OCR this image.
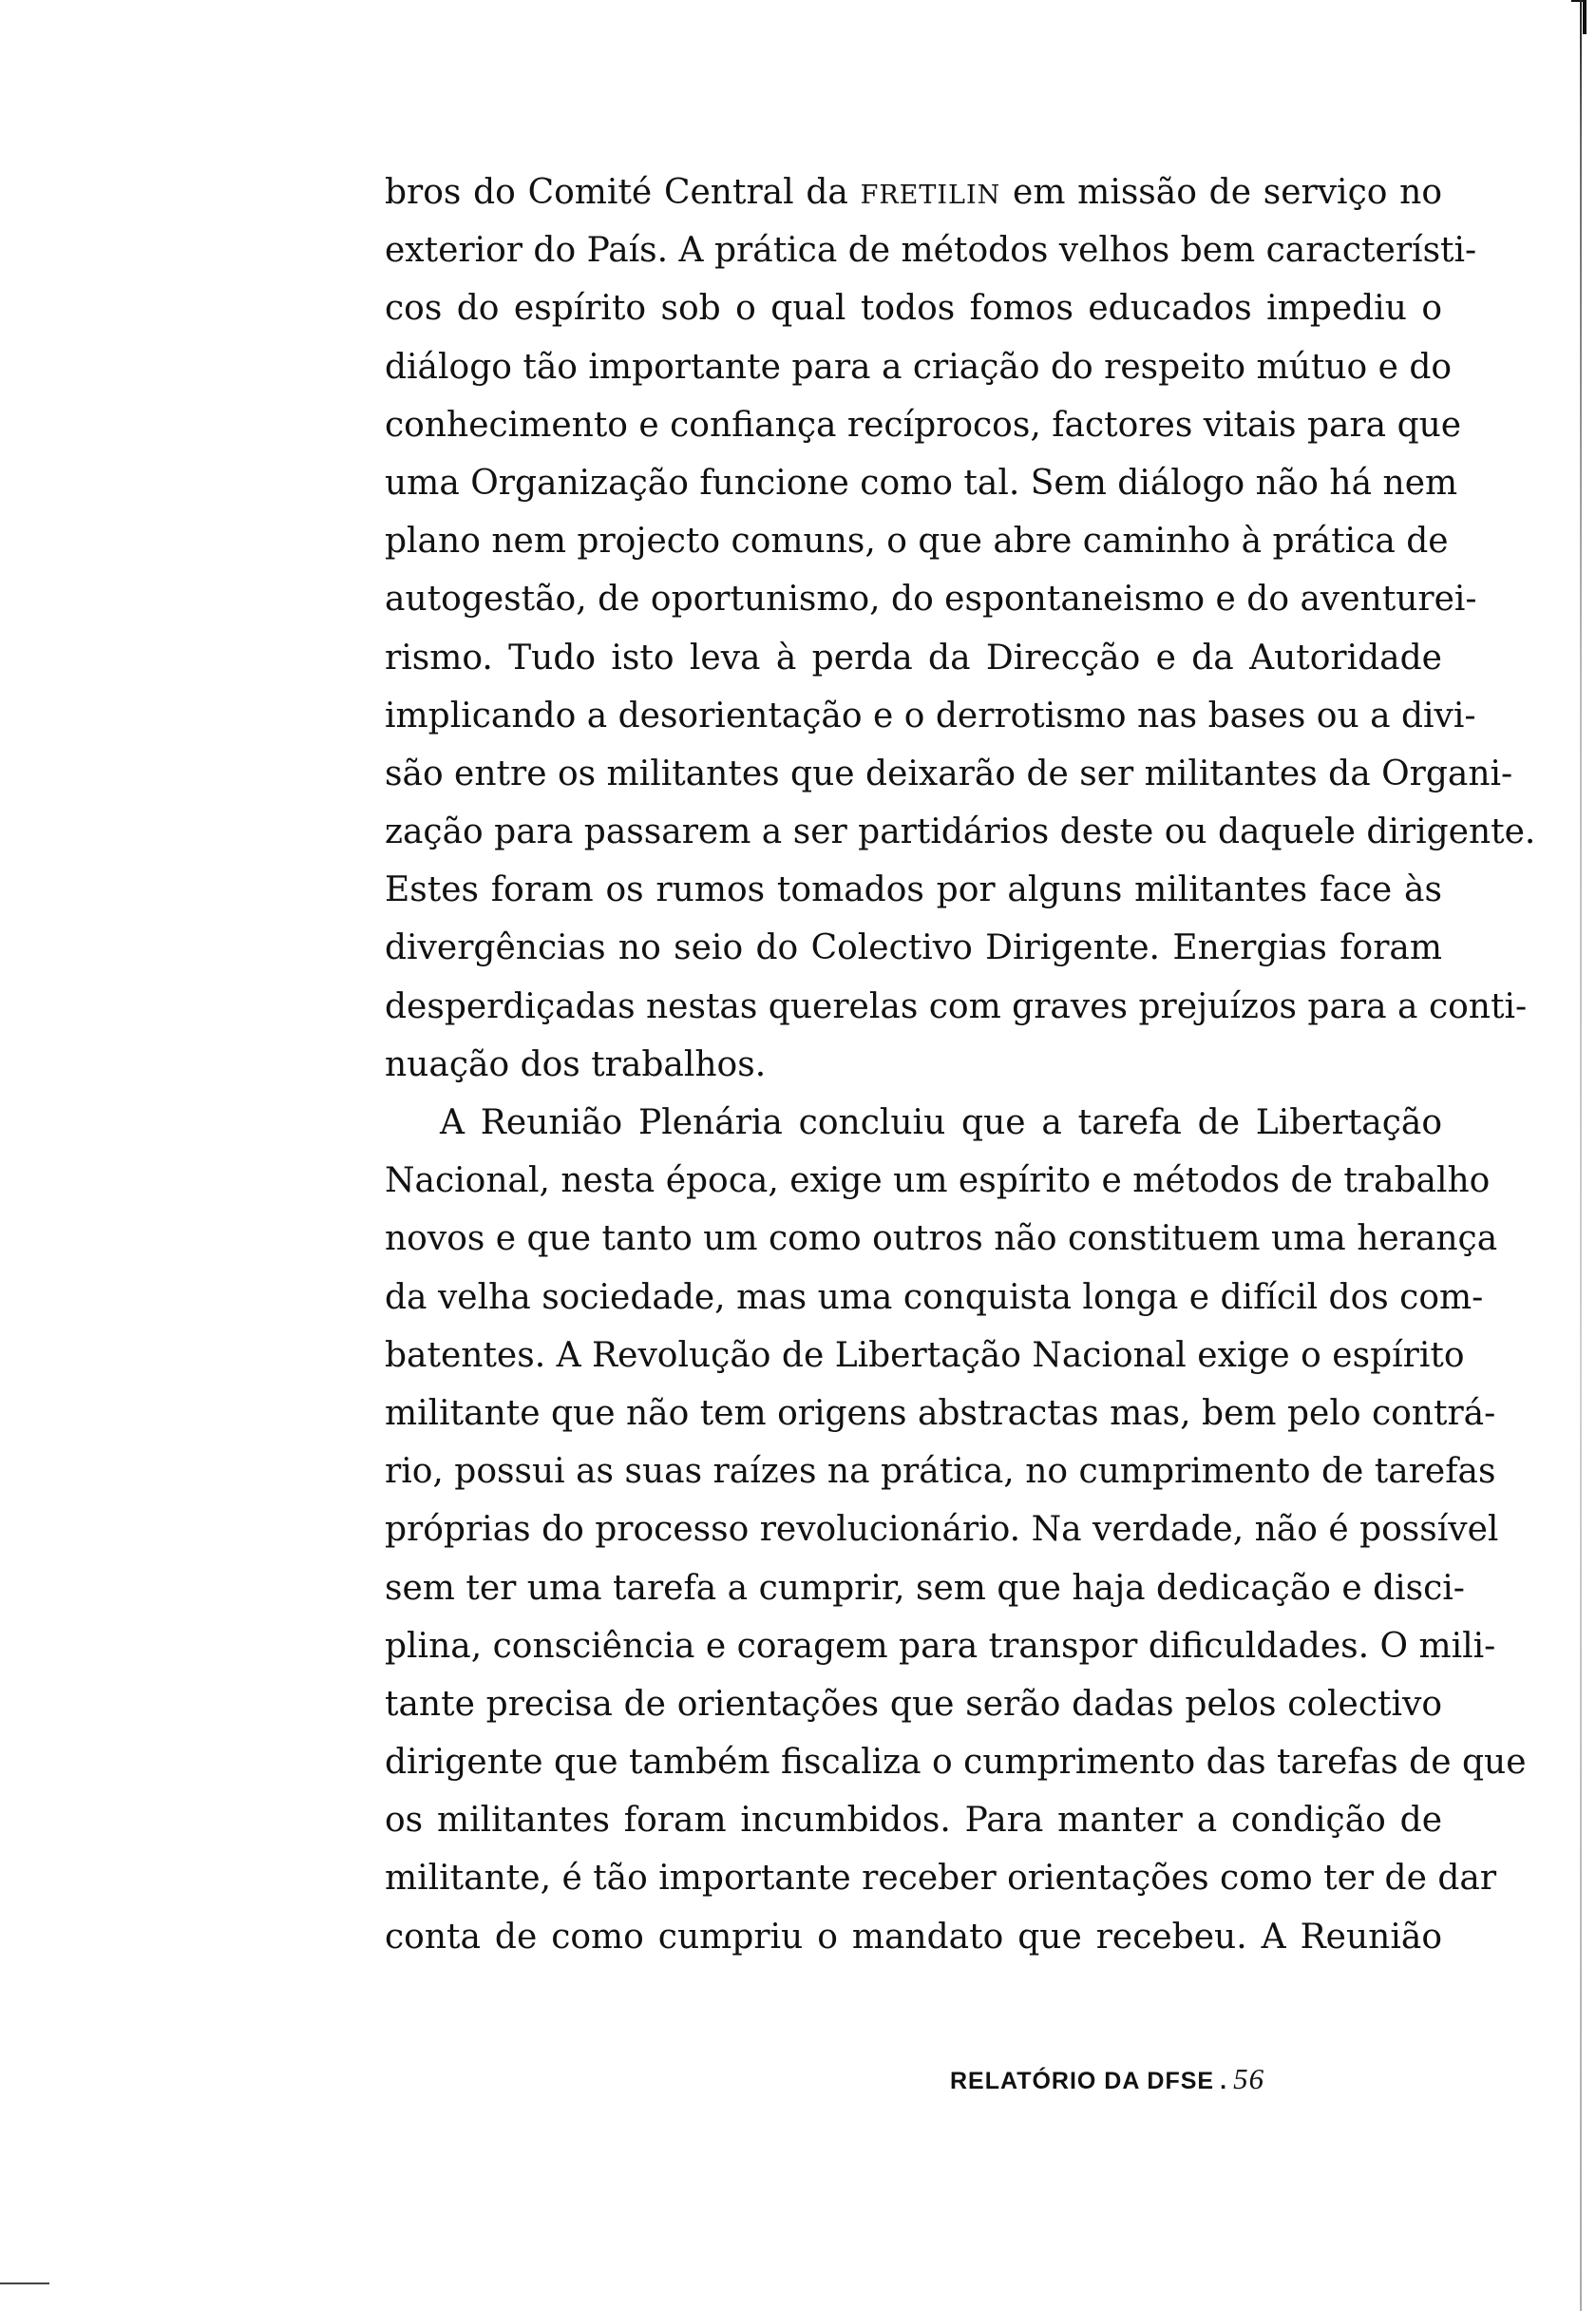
bros do Comité Central da FRETILIN em missão de serviço no
exterior do País. A prática de métodos velhos bem característi-
cos do espírito sob o qual todos fomos educados impediu o
diálogo tão importante para a criação do respeito mútuo e do
conhecimento e confiança recíprocos, factores vitais para que
uma Organização funcione como tal. Sem diálogo não há nem
plano nem projecto comuns, o que abre caminho à prática de
autogestão, de oportunismo, do espontaneismo e do aventurei-
rismo. Tudo isto leva à perda da Direcção e da Autoridade
implicando a desorientação e o derrotismo nas bases ou a divi-
são entre os militantes que deixarão de ser militantes da Organi-
zação para passarem a ser partidários deste ou daquele dirigente.
Estes foram os rumos tomados por alguns militantes face às
divergências no seio do Colectivo Dirigente. Energias foram
desperdiçadas nestas querelas com graves prejuízos para a conti-
nuação dos trabalhos.
A Reunião Plenária concluiu que a tarefa de Libertação
Nacional, nesta época, exige um espírito e métodos de trabalho
novos e que tanto um como outros não constituem uma herança
da velha sociedade, mas uma conquista longa e difícil dos com-
batentes. A Revolução de Libertação Nacional exige o espírito
militante que não tem origens abstractas mas, bem pelo contrá-
rio, possui as suas raízes na prática, no cumprimento de tarefas
próprias do processo revolucionário. Na verdade, não é possível
sem ter uma tarefa a cumprir, sem que haja dedicação e disci-
plina, consciência e coragem para transpor dificuldades. O mili-
tante precisa de orientações que serão dadas pelos colectivo
dirigente que também fiscaliza o cumprimento das tarefas de que
os militantes foram incumbidos. Para manter a condição de
militante, é tão importante receber orientações como ter de dar
conta de como cumpriu o mandato que recebeu. A Reunião
RELATÓRIO DA DFSE . 56
